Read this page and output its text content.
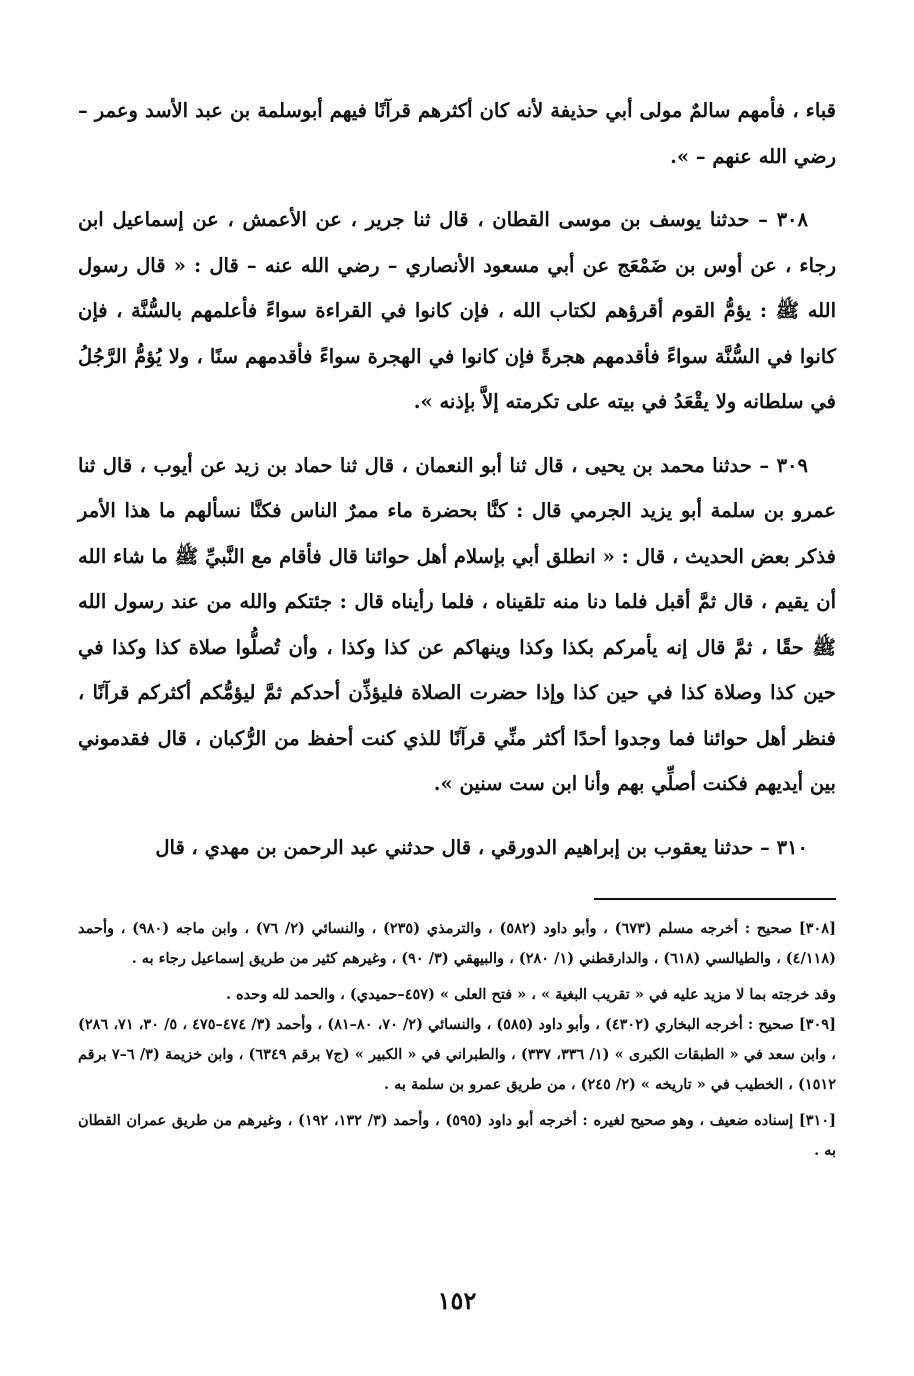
قباء ، فأمهم سالمٌ مولى أبي حذيفة لأنه كان أكثرهم قرآنًا فيهم أبوسلمة بن عبد الأسد وعمر – رضي الله عنهم – ».

٣٠٨ – حدثنا يوسف بن موسى القطان ، قال ثنا جرير ، عن الأعمش ، عن إسماعيل ابن رجاء ، عن أوس بن ضَمْعَج عن أبي مسعود الأنصاري – رضي الله عنه – قال : « قال رسول الله ﷺ : يؤمُّ القوم أقرؤهم لكتاب الله ، فإن كانوا في القراءة سواءً فأعلمهم بالسُّنَّة ، فإن كانوا في السُّنَّة سواءً فأقدمهم هجرةً فإن كانوا في الهجرة سواءً فأقدمهم سنًا ، ولا يُؤمُّ الرَّجُلُ في سلطانه ولا يقْعَدُ في بيته على تكرمته إلاَّ بإذنه ».

٣٠٩ – حدثنا محمد بن يحيى ، قال ثنا أبو النعمان ، قال ثنا حماد بن زيد عن أيوب ، قال ثنا عمرو بن سلمة أبو يزيد الجرمي قال : كنَّا بحضرة ماء ممرٌ الناس فكنَّا نسألهم ما هذا الأمر فذكر بعض الحديث ، قال : « انطلق أبي بإسلام أهل حوائنا قال فأقام مع النَّبيِّ ﷺ ما شاء الله أن يقيم ، قال ثمَّ أقبل فلما دنا منه تلقيناه ، فلما رأيناه قال : جئتكم والله من عند رسول الله ﷺ حقًا ، ثمَّ قال إنه يأمركم بكذا وكذا وينهاكم عن كذا وكذا ، وأن تُصلُّوا صلاة كذا وكذا في حين كذا وصلاة كذا في حين كذا وإذا حضرت الصلاة فليؤذِّن أحدكم ثمَّ ليؤمُّكم أكثركم قرآنًا ، فنظر أهل حوائنا فما وجدوا أحدًا أكثر منِّي قرآنًا للذي كنت أحفظ من الرُّكبان ، قال فقدموني بين أيديهم فكنت أصلِّي بهم وأنا ابن ست سنين ».

٣١٠ – حدثنا يعقوب بن إبراهيم الدورقي ، قال حدثني عبد الرحمن بن مهدي ، قال

[٣٠٨] صحيح : أخرجه مسلم (٦٧٣) ، وأبو داود (٥٨٢) ، والترمذي (٢٣٥) ، والنسائي (٢/ ٧٦) ، وابن ماجه (٩٨٠) ، وأحمد (٤/١١٨) ، والطيالسي (٦١٨) ، والدارقطني (١/ ٢٨٠) ، والبيهقي (٣/ ٩٠) ، وغيرهم كثير من طريق إسماعيل رجاء به .

وقد خرجته بما لا مزيد عليه في « تقريب البغية » ، « فتح العلى » (٤٥٧–حميدي) ، والحمد لله وحده .

[٣٠٩] صحيح : أخرجه البخاري (٤٣٠٢) ، وأبو داود (٥٨٥) ، والنسائي (٢/ ٧٠، ٨٠–٨١) ، وأحمد (٣/ ٤٧٤–٤٧٥ ، ٥/ ٣٠، ٧١، ٢٨٦) ، وابن سعد في « الطبقات الكبرى » (١/ ٣٣٦، ٣٣٧) ، والطبراني في « الكبير » (ج٧ برقم ٦٣٤٩) ، وابن خزيمة (٣/ ٦–٧ برقم ١٥١٢) ، الخطيب في « تاريخه » (٢/ ٢٤٥) ، من طريق عمرو بن سلمة به .

[٣١٠] إسناده ضعيف ، وهو صحيح لغيره : أخرجه أبو داود (٥٩٥) ، وأحمد (٣/ ١٣٢، ١٩٢) ، وغيرهم من طريق عمران القطان به .

١٥٢
